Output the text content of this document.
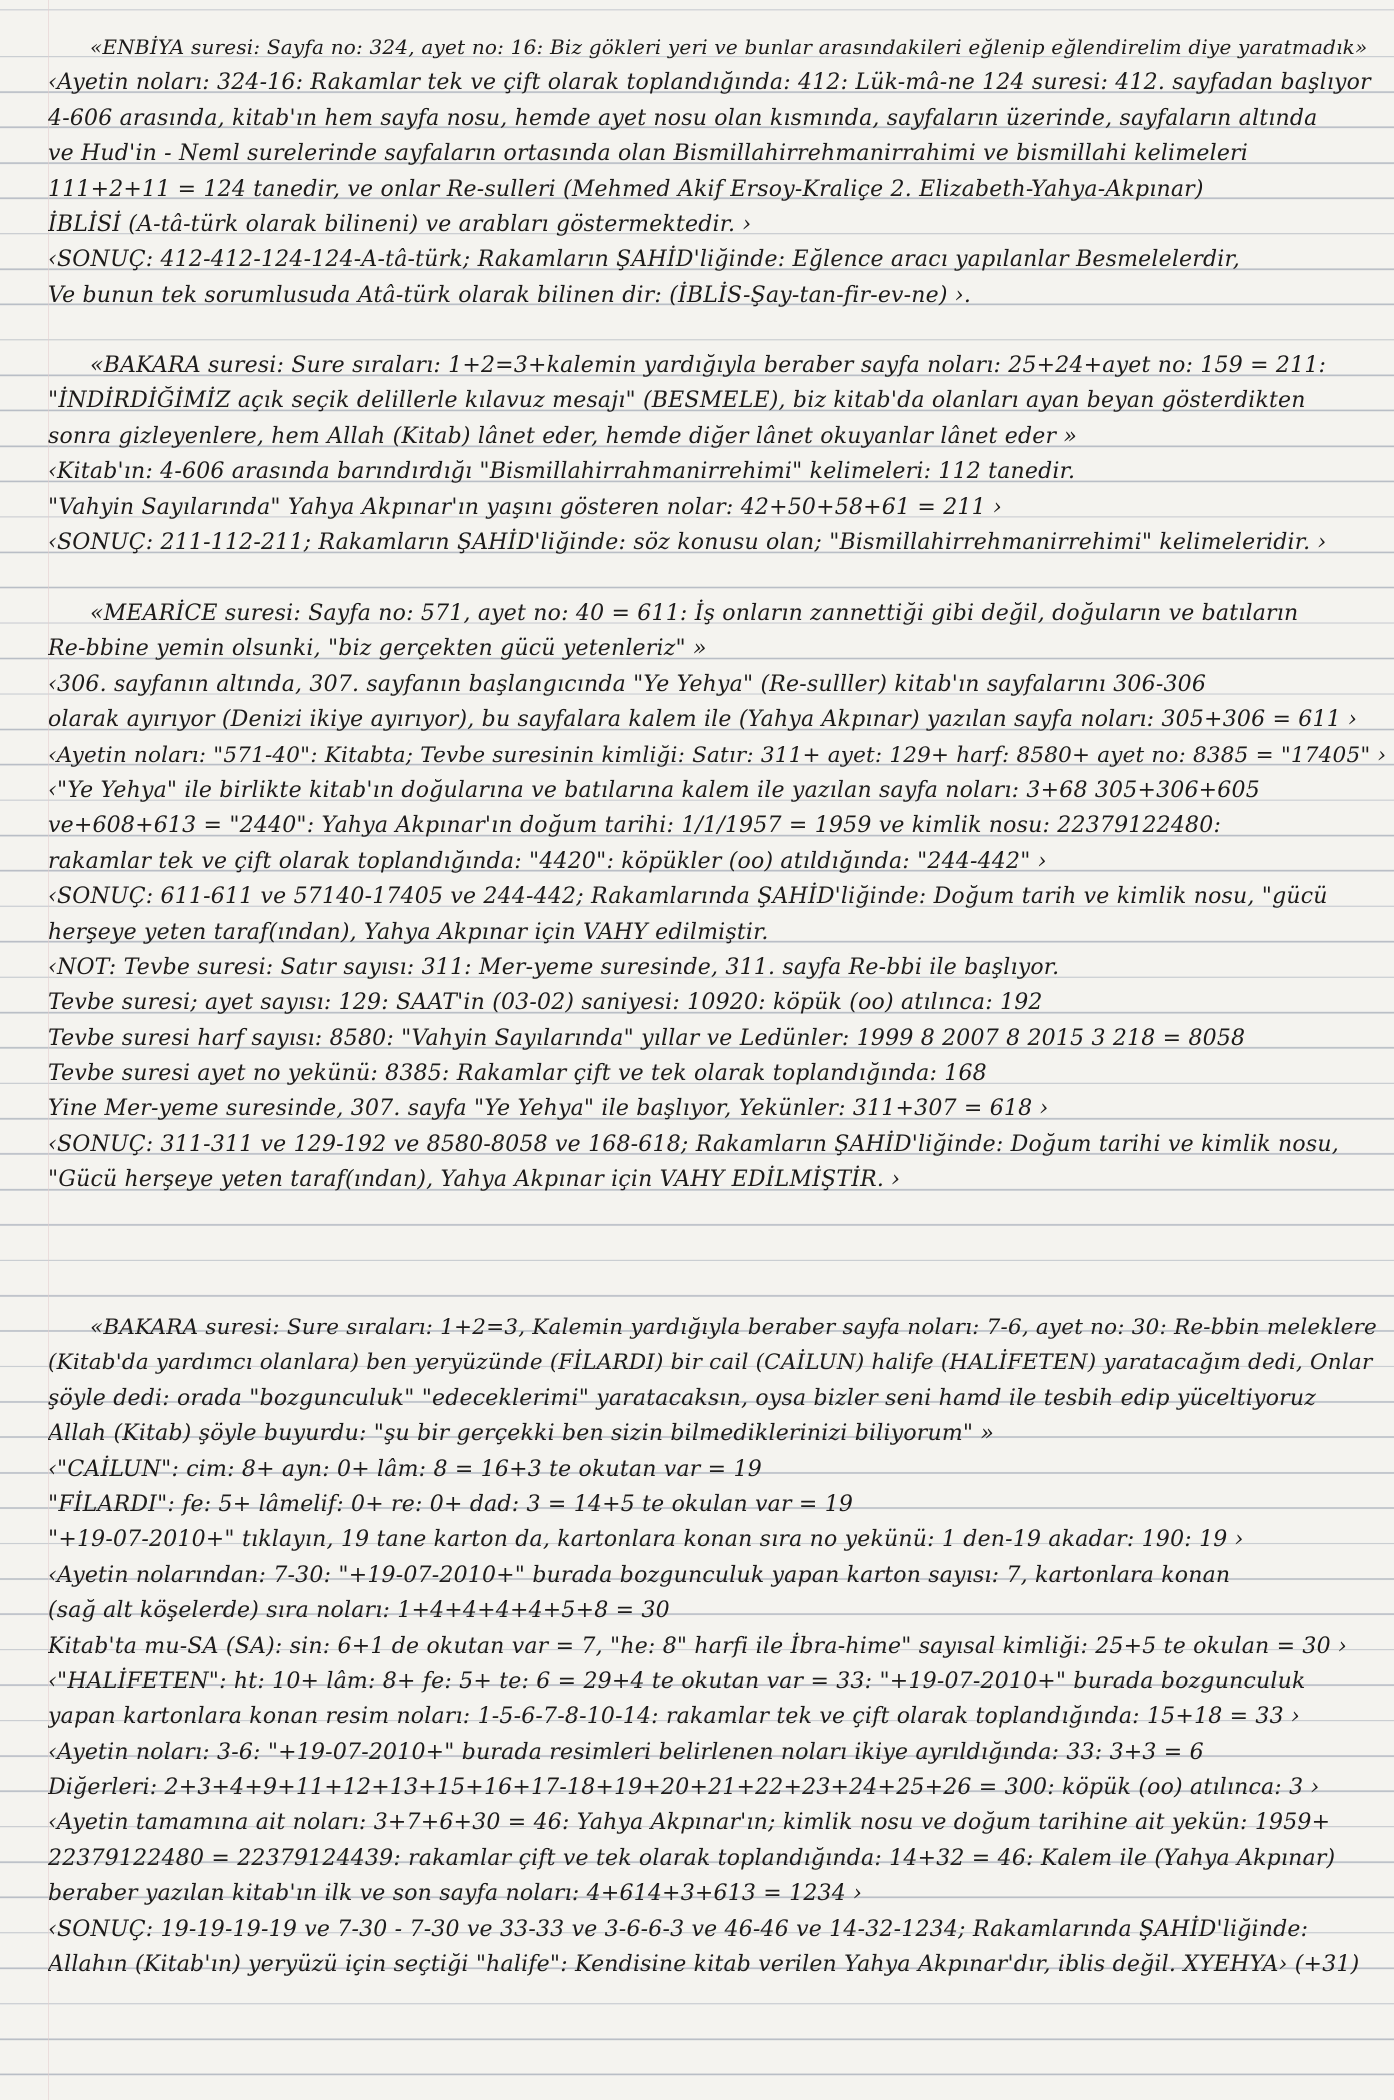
«ENBİYA suresi: Sayfa no: 324, ayet no: 16: Biz gökleri yeri ve bunlar arasındakileri eğlenip eğlendirelim diye yaratmadık»
‹Ayetin noları: 324-16: Rakamlar tek ve çift olarak toplandığında: 412: Lük-mâ-ne 124 suresi: 412. sayfadan başlıyor
4-606 arasında, kitab'ın hem sayfa nosu, hemde ayet nosu olan kısmında, sayfaların üzerinde, sayfaların altında
ve Hud'in - Neml surelerinde sayfaların ortasında olan Bismillahirrehmanirrahimi ve bismillahi kelimeleri
111+2+11 = 124 tanedir, ve onlar Re-sulleri (Mehmed Akif Ersoy-Kraliçe 2. Elizabeth-Yahya-Akpınar)
İBLİSİ (A-tâ-türk olarak bilineni) ve arabları göstermektedir. ›
‹SONUÇ: 412-412-124-124-A-tâ-türk; Rakamların ŞAHİD'liğinde: Eğlence aracı yapılanlar Besmelelerdir,
Ve bunun tek sorumlusuda Atâ-türk olarak bilinen dir: (İBLİS-Şay-tan-fir-ev-ne) ›.
«BAKARA suresi: Sure sıraları: 1+2=3+kalemin yardığıyla beraber sayfa noları: 25+24+ayet no: 159 = 211:
"İNDİRDİĞİMİZ açık seçik delillerle kılavuz mesajı" (BESMELE), biz kitab'da olanları ayan beyan gösterdikten
sonra gizleyenlere, hem Allah (Kitab) lânet eder, hemde diğer lânet okuyanlar lânet eder »
‹Kitab'ın: 4-606 arasında barındırdığı "Bismillahirrahmanirrehimi" kelimeleri: 112 tanedir.
"Vahyin Sayılarında" Yahya Akpınar'ın yaşını gösteren nolar: 42+50+58+61 = 211 ›
‹SONUÇ: 211-112-211; Rakamların ŞAHİD'liğinde: söz konusu olan; "Bismillahirrehmanirrehimi" kelimeleridir. ›
«MEARİCE suresi: Sayfa no: 571, ayet no: 40 = 611: İş onların zannettiği gibi değil, doğuların ve batıların
Re-bbine yemin olsunki, "biz gerçekten gücü yetenleriz" »
‹306. sayfanın altında, 307. sayfanın başlangıcında "Ye Yehya" (Re-sulller) kitab'ın sayfalarını 306-306
olarak ayırıyor (Denizi ikiye ayırıyor), bu sayfalara kalem ile (Yahya Akpınar) yazılan sayfa noları: 305+306 = 611 ›
‹Ayetin noları: "571-40": Kitabta; Tevbe suresinin kimliği: Satır: 311+ ayet: 129+ harf: 8580+ ayet no: 8385 = "17405" ›
‹"Ye Yehya" ile birlikte kitab'ın doğularına ve batılarına kalem ile yazılan sayfa noları: 3+68 305+306+605
ve+608+613 = "2440": Yahya Akpınar'ın doğum tarihi: 1/1/1957 = 1959 ve kimlik nosu: 22379122480:
rakamlar tek ve çift olarak toplandığında: "4420": köpükler (oo) atıldığında: "244-442" ›
‹SONUÇ: 611-611 ve 57140-17405 ve 244-442; Rakamlarında ŞAHİD'liğinde: Doğum tarih ve kimlik nosu, "gücü
herşeye yeten taraf(ından), Yahya Akpınar için VAHY edilmiştir.
‹NOT: Tevbe suresi: Satır sayısı: 311: Mer-yeme suresinde, 311. sayfa Re-bbi ile başlıyor.
Tevbe suresi; ayet sayısı: 129: SAAT'in (03-02) saniyesi: 10920: köpük (oo) atılınca: 192
Tevbe suresi harf sayısı: 8580: "Vahyin Sayılarında" yıllar ve Ledünler: 1999 8 2007 8 2015 3 218 = 8058
Tevbe suresi ayet no yekünü: 8385: Rakamlar çift ve tek olarak toplandığında: 168
Yine Mer-yeme suresinde, 307. sayfa "Ye Yehya" ile başlıyor, Yekünler: 311+307 = 618 ›
‹SONUÇ: 311-311 ve 129-192 ve 8580-8058 ve 168-618; Rakamların ŞAHİD'liğinde: Doğum tarihi ve kimlik nosu,
"Gücü herşeye yeten taraf(ından), Yahya Akpınar için VAHY EDİLMİŞTİR. ›
«BAKARA suresi: Sure sıraları: 1+2=3, Kalemin yardığıyla beraber sayfa noları: 7-6, ayet no: 30: Re-bbin meleklere
(Kitab'da yardımcı olanlara) ben yeryüzünde (FİLARDI) bir cail (CAİLUN) halife (HALİFETEN) yaratacağım dedi, Onlar
şöyle dedi: orada "bozgunculuk" "edeceklerimi" yaratacaksın, oysa bizler seni hamd ile tesbih edip yüceltiyoruz
Allah (Kitab) şöyle buyurdu: "şu bir gerçekki ben sizin bilmediklerinizi biliyorum" »
‹"CAİLUN": cim: 8+ ayn: 0+ lâm: 8 = 16+3 te okutan var = 19
"FİLARDI": fe: 5+ lâmelif: 0+ re: 0+ dad: 3 = 14+5 te okulan var = 19
"+19-07-2010+" tıklayın, 19 tane karton da, kartonlara konan sıra no yekünü: 1 den-19 akadar: 190: 19 ›
‹Ayetin nolarından: 7-30: "+19-07-2010+" burada bozgunculuk yapan karton sayısı: 7, kartonlara konan
(sağ alt köşelerde) sıra noları: 1+4+4+4+4+5+8 = 30
Kitab'ta mu-SA (SA): sin: 6+1 de okutan var = 7, "he: 8" harfi ile İbra-hime" sayısal kimliği: 25+5 te okulan = 30 ›
‹"HALİFETEN": ht: 10+ lâm: 8+ fe: 5+ te: 6 = 29+4 te okutan var = 33: "+19-07-2010+" burada bozgunculuk
yapan kartonlara konan resim noları: 1-5-6-7-8-10-14: rakamlar tek ve çift olarak toplandığında: 15+18 = 33 ›
‹Ayetin noları: 3-6: "+19-07-2010+" burada resimleri belirlenen noları ikiye ayrıldığında: 33: 3+3 = 6
Diğerleri: 2+3+4+9+11+12+13+15+16+17-18+19+20+21+22+23+24+25+26 = 300: köpük (oo) atılınca: 3 ›
‹Ayetin tamamına ait noları: 3+7+6+30 = 46: Yahya Akpınar'ın; kimlik nosu ve doğum tarihine ait yekün: 1959+
22379122480 = 22379124439: rakamlar çift ve tek olarak toplandığında: 14+32 = 46: Kalem ile (Yahya Akpınar)
beraber yazılan kitab'ın ilk ve son sayfa noları: 4+614+3+613 = 1234 ›
‹SONUÇ: 19-19-19-19 ve 7-30 - 7-30 ve 33-33 ve 3-6-6-3 ve 46-46 ve 14-32-1234; Rakamlarında ŞAHİD'liğinde:
Allahın (Kitab'ın) yeryüzü için seçtiği "halife": Kendisine kitab verilen Yahya Akpınar'dır, iblis değil. XYEHYA› (+31)
